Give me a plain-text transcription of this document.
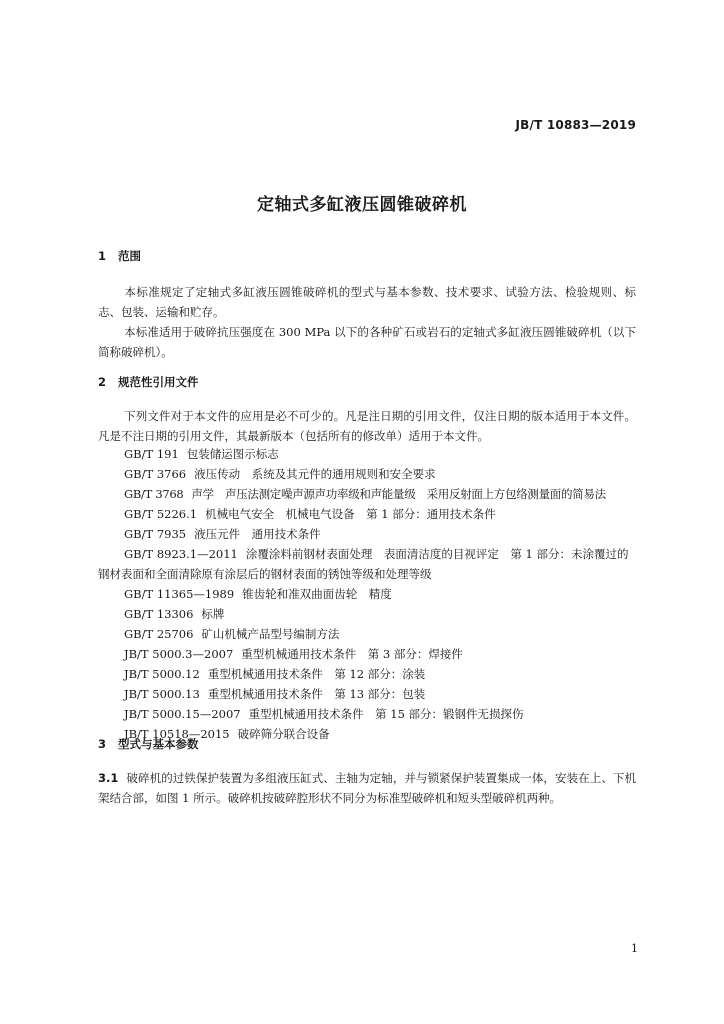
JB/T 10883—2019
定轴式多缸液压圆锥破碎机
1 范围
本标准规定了定轴式多缸液压圆锥破碎机的型式与基本参数、技术要求、试验方法、检验规则、标志、包装、运输和贮存。
本标准适用于破碎抗压强度在 300 MPa 以下的各种矿石或岩石的定轴式多缸液压圆锥破碎机（以下简称破碎机）。
2 规范性引用文件
下列文件对于本文件的应用是必不可少的。凡是注日期的引用文件，仅注日期的版本适用于本文件。凡是不注日期的引用文件，其最新版本（包括所有的修改单）适用于本文件。
GB/T 191 包装储运图示标志
GB/T 3766 液压传动　系统及其元件的通用规则和安全要求
GB/T 3768 声学　声压法测定噪声源声功率级和声能量级　采用反射面上方包络测量面的简易法
GB/T 5226.1 机械电气安全　机械电气设备　第 1 部分：通用技术条件
GB/T 7935 液压元件　通用技术条件
GB/T 8923.1—2011 涂覆涂料前钢材表面处理　表面清洁度的目视评定　第 1 部分：未涂覆过的钢材表面和全面清除原有涂层后的钢材表面的锈蚀等级和处理等级
GB/T 11365—1989 锥齿轮和准双曲面齿轮　精度
GB/T 13306 标牌
GB/T 25706 矿山机械产品型号编制方法
JB/T 5000.3—2007 重型机械通用技术条件　第 3 部分：焊接件
JB/T 5000.12 重型机械通用技术条件　第 12 部分：涂装
JB/T 5000.13 重型机械通用技术条件　第 13 部分：包装
JB/T 5000.15—2007 重型机械通用技术条件　第 15 部分：锻钢件无损探伤
JB/T 10518—2015 破碎筛分联合设备
3 型式与基本参数
3.1 破碎机的过铁保护装置为多组液压缸式、主轴为定轴，并与锁紧保护装置集成一体，安装在上、下机架结合部，如图 1 所示。破碎机按破碎腔形状不同分为标准型破碎机和短头型破碎机两种。
1
